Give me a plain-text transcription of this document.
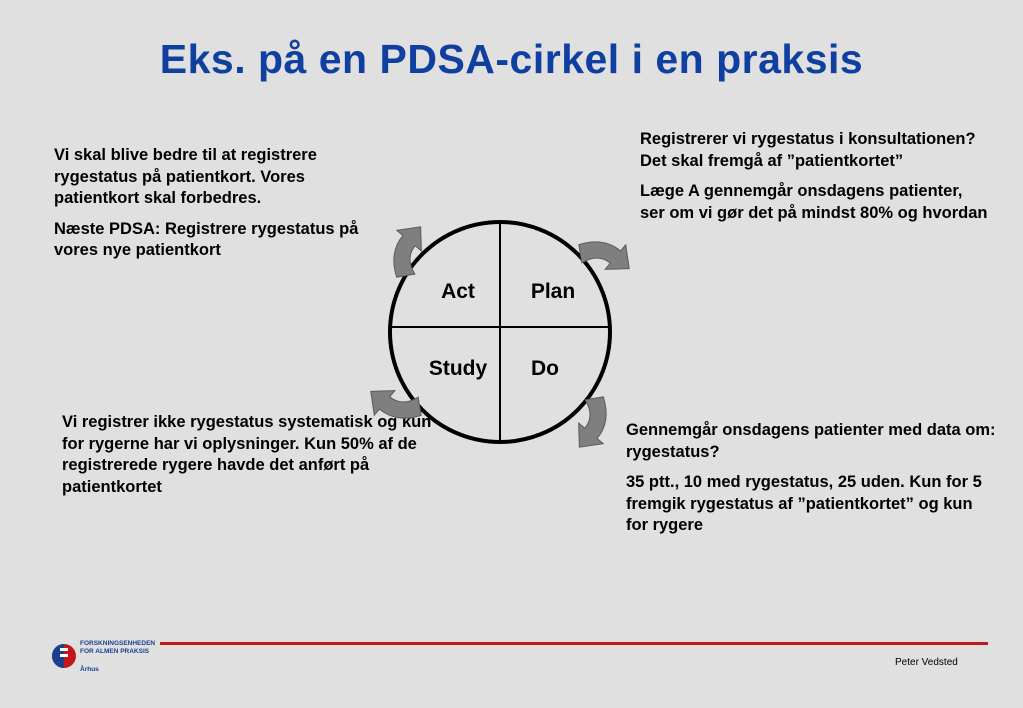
Eks. på en PDSA-cirkel i en praksis

Vi skal blive bedre til at registrere rygestatus på patientkort. Vores patientkort skal forbedres.

Næste PDSA: Registrere rygestatus på vores nye patientkort

Registrerer vi rygestatus i konsultationen? Det skal fremgå af ”patientkortet”

Læge A gennemgår onsdagens patienter, ser om vi gør det på mindst 80% og hvordan

Vi registrer ikke rygestatus systematisk og kun for rygerne har vi oplysninger. Kun 50% af de registrerede rygere havde det anført på patientkortet

Gennemgår onsdagens patienter med data om: rygestatus?

35 ptt., 10 med rygestatus, 25 uden. Kun for 5 fremgik rygestatus af ”patientkortet” og kun for rygere

Act	Plan
Study Do
FORSKNINGSENHEDEN
FOR ALMEN PRAKSIS
Århus
Peter Vedsted
